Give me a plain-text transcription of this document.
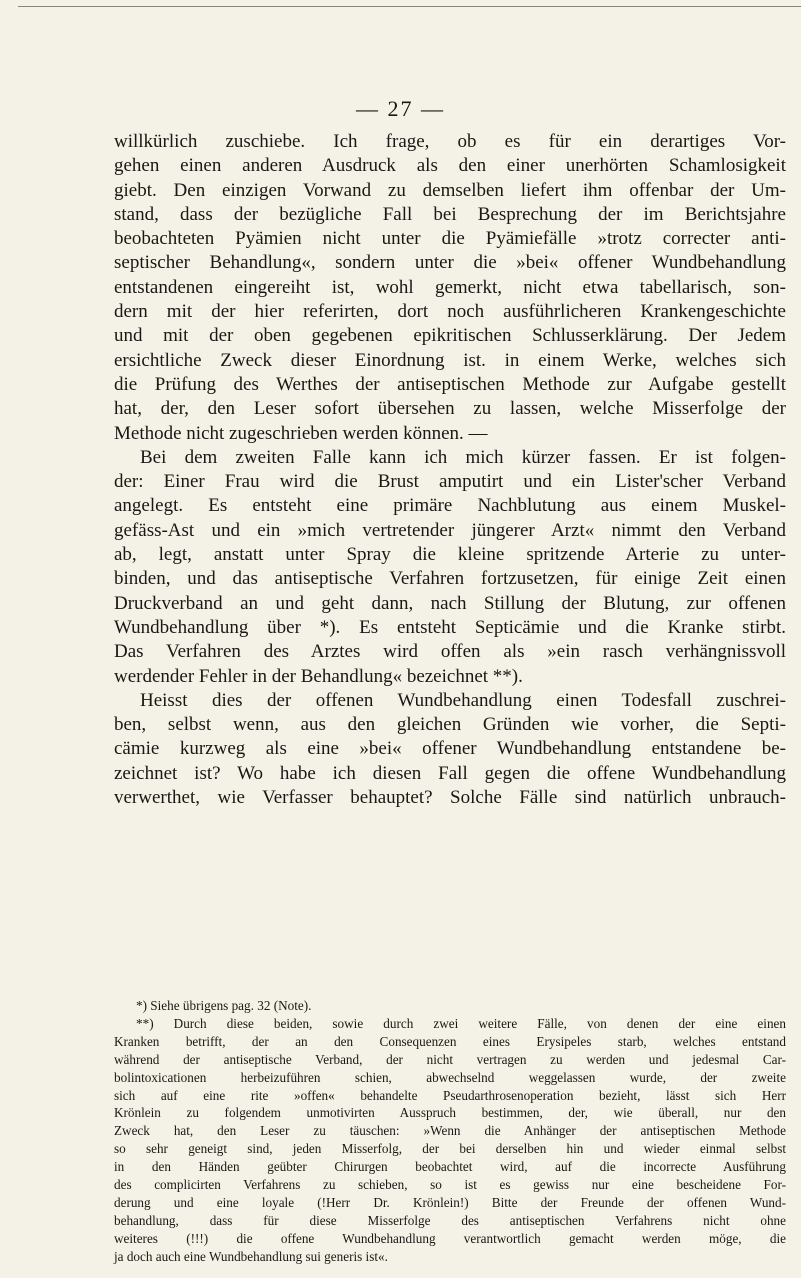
— 27 —
willkürlich zuschiebe. Ich frage, ob es für ein derartiges Vor-
gehen einen anderen Ausdruck als den einer unerhörten Schamlosigkeit
giebt. Den einzigen Vorwand zu demselben liefert ihm offenbar der Um-
stand, dass der bezügliche Fall bei Besprechung der im Berichtsjahre
beobachteten Pyämien nicht unter die Pyämiefälle »trotz correcter anti-
septischer Behandlung«, sondern unter die »bei« offener Wundbehandlung
entstandenen eingereiht ist, wohl gemerkt, nicht etwa tabellarisch, son-
dern mit der hier referirten, dort noch ausführlicheren Krankengeschichte
und mit der oben gegebenen epikritischen Schlusserklärung. Der Jedem
ersichtliche Zweck dieser Einordnung ist. in einem Werke, welches sich
die Prüfung des Werthes der antiseptischen Methode zur Aufgabe gestellt
hat, der, den Leser sofort übersehen zu lassen, welche Misserfolge der
Methode nicht zugeschrieben werden können. —
Bei dem zweiten Falle kann ich mich kürzer fassen. Er ist folgen-
der: Einer Frau wird die Brust amputirt und ein Lister'scher Verband
angelegt. Es entsteht eine primäre Nachblutung aus einem Muskel-
gefäss-Ast und ein »mich vertretender jüngerer Arzt« nimmt den Verband
ab, legt, anstatt unter Spray die kleine spritzende Arterie zu unter-
binden, und das antiseptische Verfahren fortzusetzen, für einige Zeit einen
Druckverband an und geht dann, nach Stillung der Blutung, zur offenen
Wundbehandlung über *). Es entsteht Septicämie und die Kranke stirbt.
Das Verfahren des Arztes wird offen als »ein rasch verhängnissvoll
werdender Fehler in der Behandlung« bezeichnet **).
Heisst dies der offenen Wundbehandlung einen Todesfall zuschrei-
ben, selbst wenn, aus den gleichen Gründen wie vorher, die Septi-
cämie kurzweg als eine »bei« offener Wundbehandlung entstandene be-
zeichnet ist? Wo habe ich diesen Fall gegen die offene Wundbehandlung
verwerthet, wie Verfasser behauptet? Solche Fälle sind natürlich unbrauch-
*) Siehe übrigens pag. 32 (Note).
**) Durch diese beiden, sowie durch zwei weitere Fälle, von denen der eine einen
Kranken betrifft, der an den Consequenzen eines Erysipeles starb, welches entstand
während der antiseptische Verband, der nicht vertragen zu werden und jedesmal Car-
bolintoxicationen herbeizuführen schien, abwechselnd weggelassen wurde, der zweite
sich auf eine rite »offen« behandelte Pseudarthrosenoperation bezieht, lässt sich Herr
Krönlein zu folgendem unmotivirten Ausspruch bestimmen, der, wie überall, nur den
Zweck hat, den Leser zu täuschen: »Wenn die Anhänger der antiseptischen Methode
so sehr geneigt sind, jeden Misserfolg, der bei derselben hin und wieder einmal selbst
in den Händen geübter Chirurgen beobachtet wird, auf die incorrecte Ausführung
des complicirten Verfahrens zu schieben, so ist es gewiss nur eine bescheidene For-
derung und eine loyale (!Herr Dr. Krönlein!) Bitte der Freunde der offenen Wund-
behandlung, dass für diese Misserfolge des antiseptischen Verfahrens nicht ohne
weiteres (!!!) die offene Wundbehandlung verantwortlich gemacht werden möge, die
ja doch auch eine Wundbehandlung sui generis ist«.
